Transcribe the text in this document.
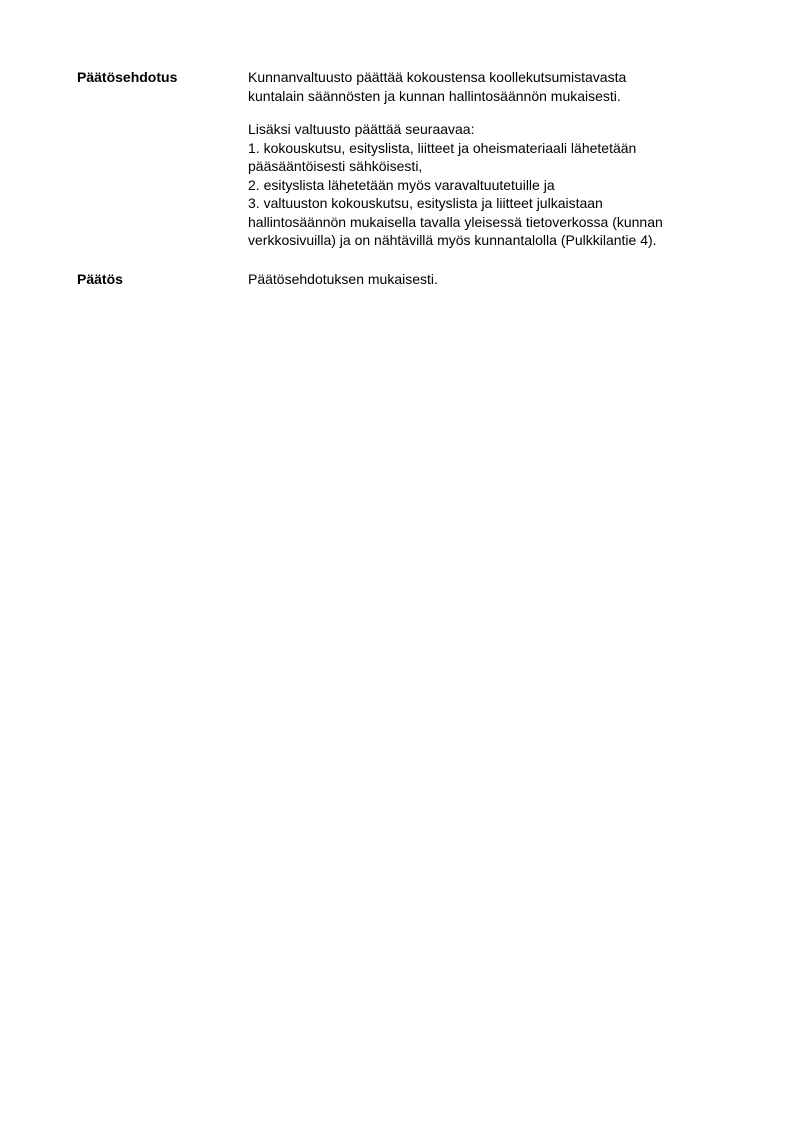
Päätösehdotus	Kunnanvaltuusto päättää kokoustensa koollekutsumistavasta
kuntalain säännösten ja kunnan hallintosäännön mukaisesti.
Lisäksi valtuusto päättää seuraavaa:
1. kokouskutsu, esityslista, liitteet ja oheismateriaali lähetetään
pääsääntöisesti sähköisesti,
2. esityslista lähetetään myös varavaltuutetuille ja
3. valtuuston kokouskutsu, esityslista ja liitteet julkaistaan
hallintosäännön mukaisella tavalla yleisessä tietoverkossa (kunnan
verkkosivuilla) ja on nähtävillä myös kunnantalolla (Pulkkilantie 4).
Päätös	Päätösehdotuksen mukaisesti.
